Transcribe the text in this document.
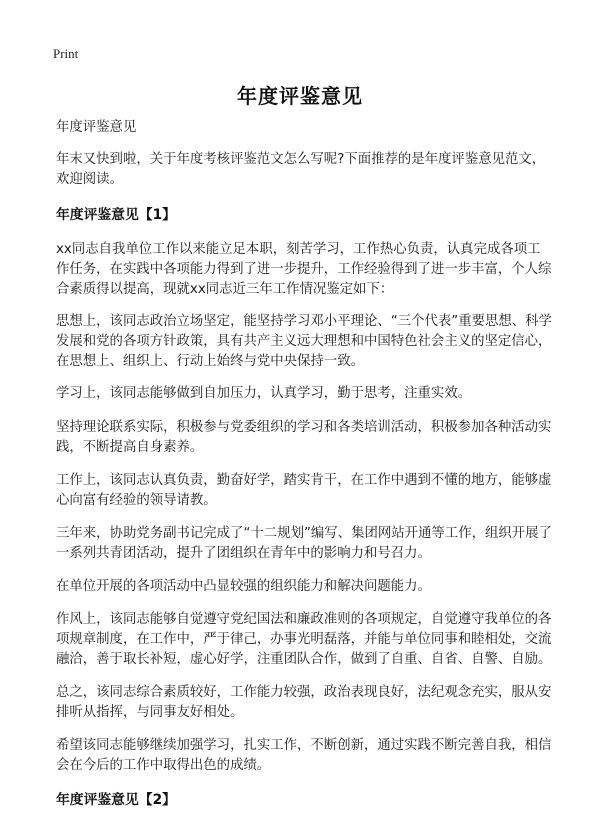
Print
年度评鉴意见

年度评鉴意见

年末又快到啦，关于年度考核评鉴范文怎么写呢?下面推荐的是年度评鉴意见范文，欢迎阅读。

年度评鉴意见【1】

xx同志自我单位工作以来能立足本职，刻苦学习，工作热心负责，认真完成各项工作任务，在实践中各项能力得到了进一步提升，工作经验得到了进一步丰富，个人综合素质得以提高，现就xx同志近三年工作情况鉴定如下：

思想上，该同志政治立场坚定，能坚持学习邓小平理论、“三个代表”重要思想、科学发展和党的各项方针政策，具有共产主义远大理想和中国特色社会主义的坚定信心，在思想上、组织上、行动上始终与党中央保持一致。

学习上，该同志能够做到自加压力，认真学习，勤于思考，注重实效。

坚持理论联系实际，积极参与党委组织的学习和各类培训活动，积极参加各种活动实践，不断提高自身素养。

工作上，该同志认真负责，勤奋好学，踏实肯干，在工作中遇到不懂的地方，能够虚心向富有经验的领导请教。

三年来，协助党务副书记完成了“十二规划”编写、集团网站开通等工作，组织开展了一系列共青团活动，提升了团组织在青年中的影响力和号召力。

在单位开展的各项活动中凸显较强的组织能力和解决问题能力。

作风上，该同志能够自觉遵守党纪国法和廉政准则的各项规定，自觉遵守我单位的各项规章制度，在工作中，严于律己，办事光明磊落，并能与单位同事和睦相处，交流融洽，善于取长补短，虚心好学，注重团队合作，做到了自重、自省、自警、自励。

总之，该同志综合素质较好，工作能力较强，政治表现良好，法纪观念充实，服从安排听从指挥，与同事友好相处。

希望该同志能够继续加强学习，扎实工作，不断创新，通过实践不断完善自我，相信会在今后的工作中取得出色的成绩。

年度评鉴意见【2】
